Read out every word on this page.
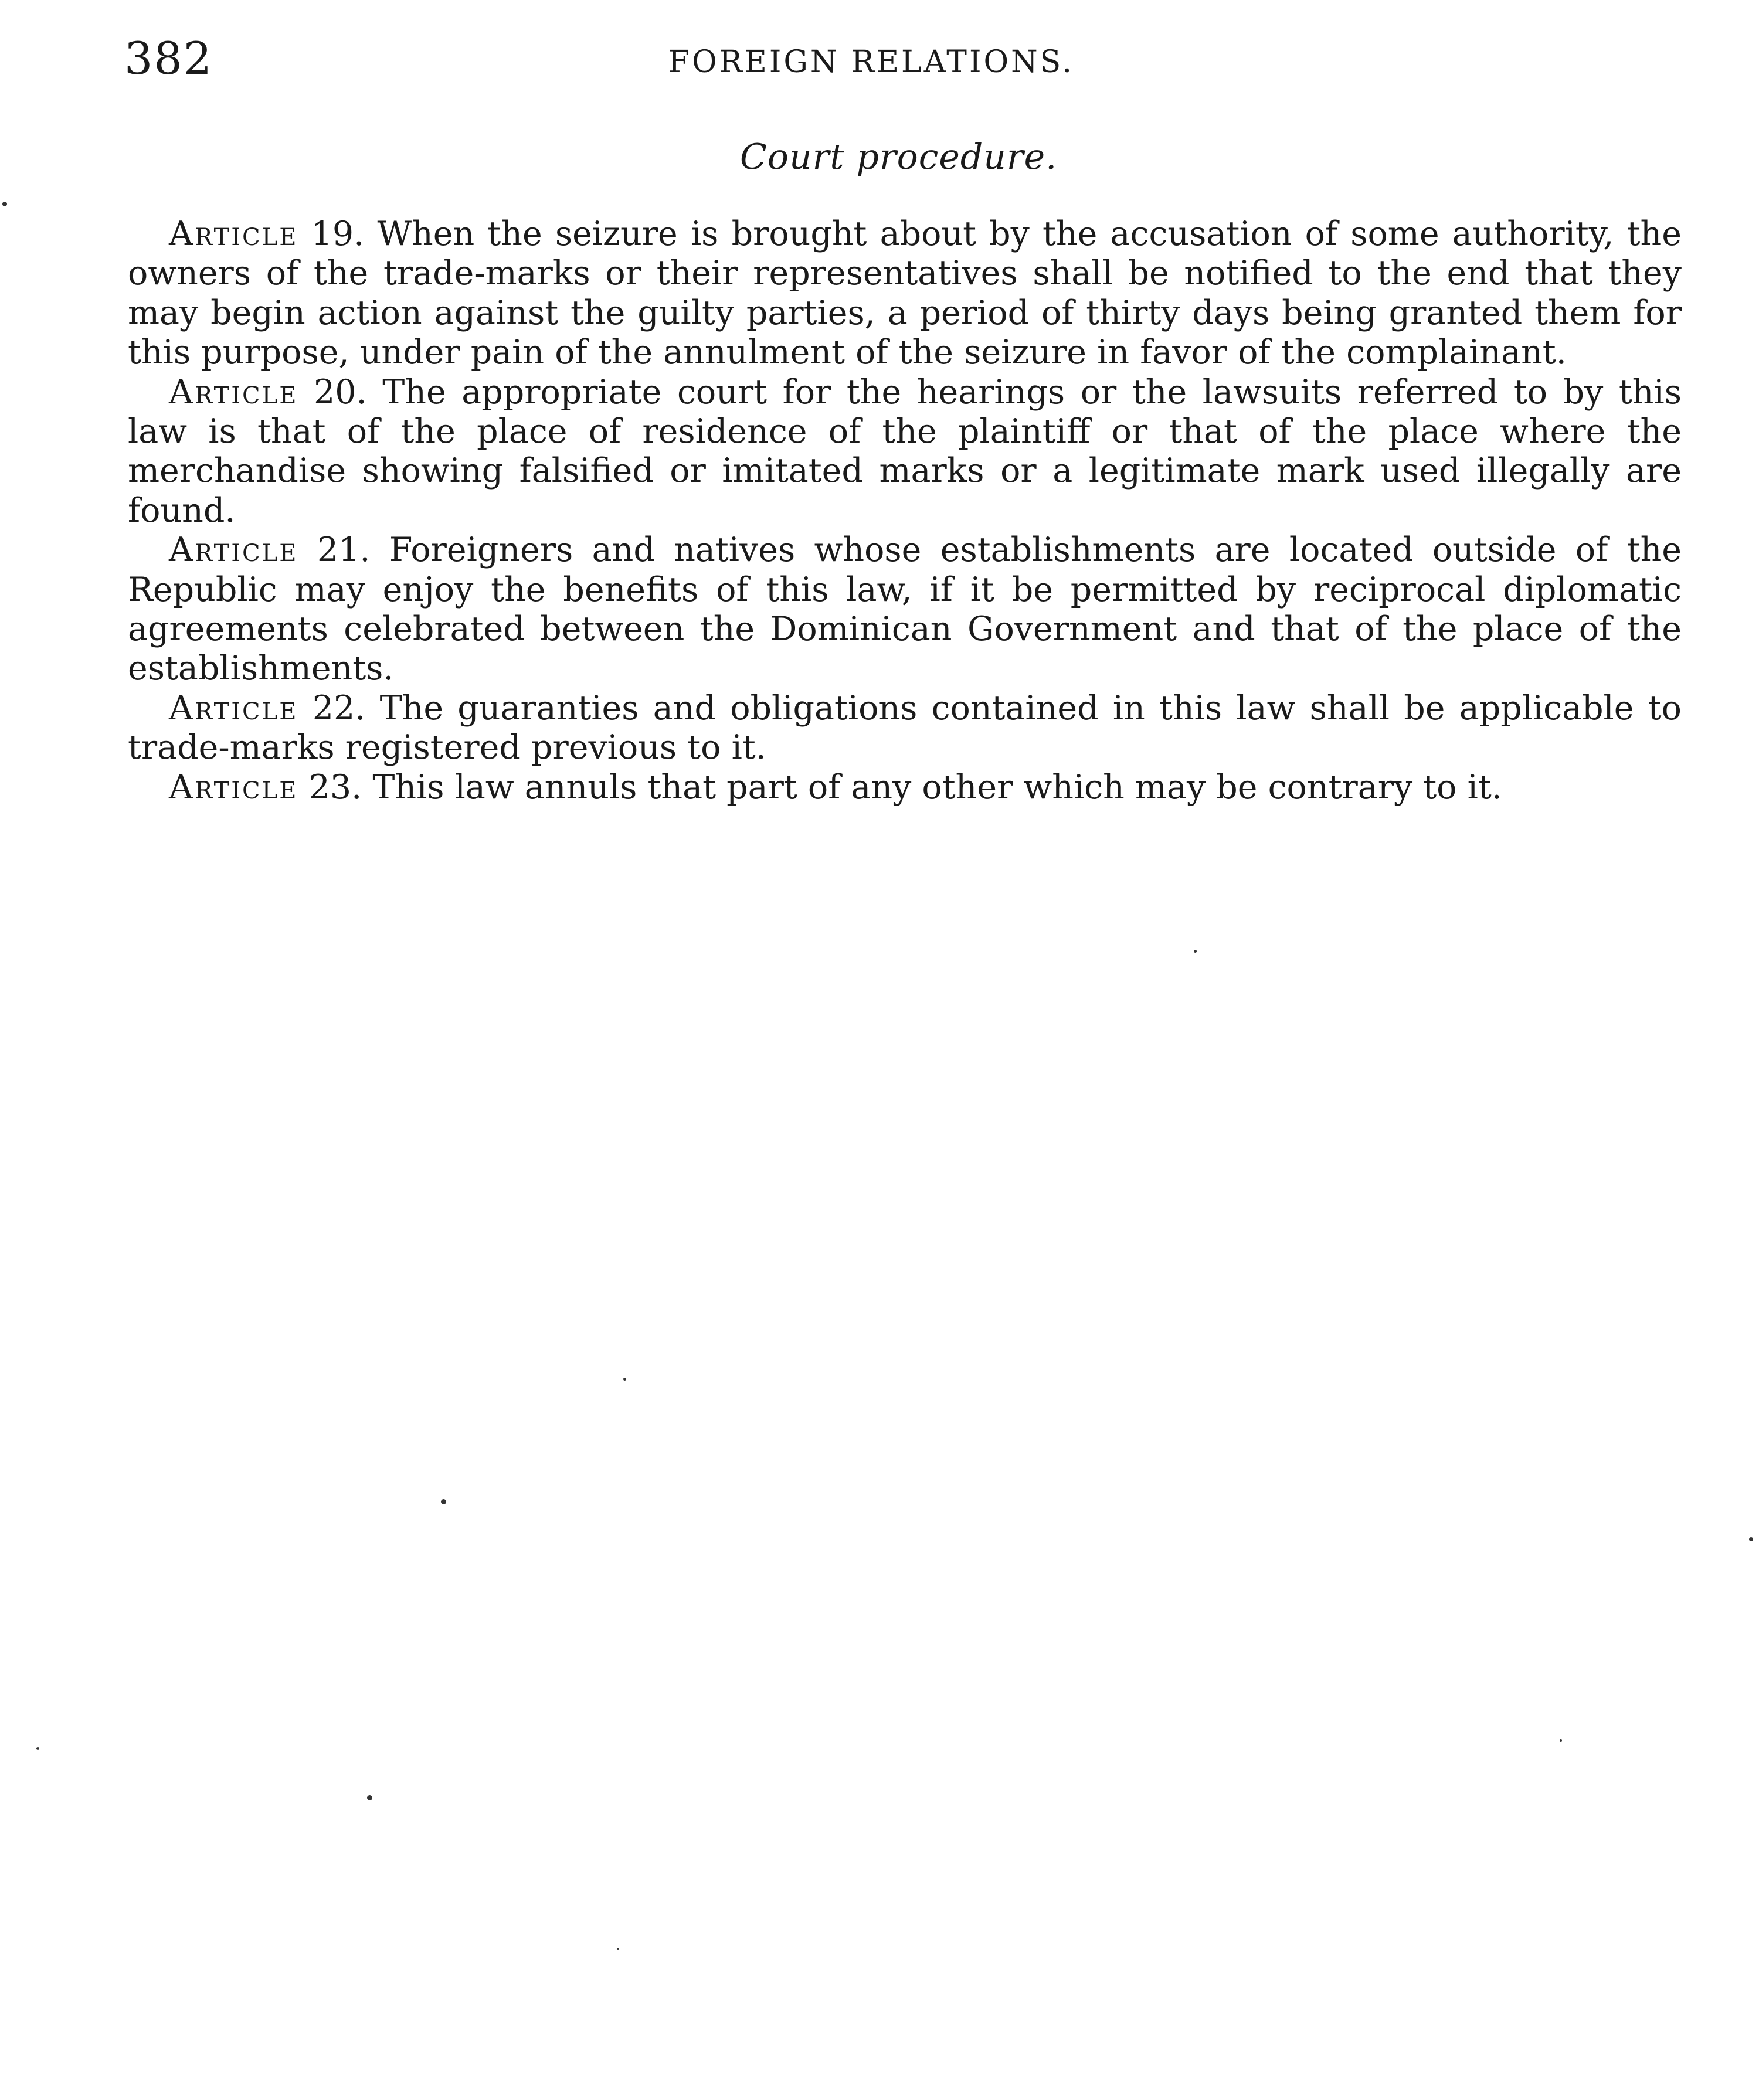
382	FOREIGN RELATIONS.
Court procedure.

Article 19. When the seizure is brought about by the accusation of some authority, the owners of the trade-marks or their representatives shall be notified to the end that they may begin action against the guilty parties, a period of thirty days being granted them for this purpose, under pain of the annulment of the seizure in favor of the complainant.

Article 20. The appropriate court for the hearings or the lawsuits referred to by this law is that of the place of residence of the plaintiff or that of the place where the merchandise showing falsified or imitated marks or a legitimate mark used illegally are found.

Article 21. Foreigners and natives whose establishments are located outside of the Republic may enjoy the benefits of this law, if it be permitted by reciprocal diplomatic agreements celebrated between the Dominican Government and that of the place of the establishments.

Article 22. The guaranties and obligations contained in this law shall be applicable to trade-marks registered previous to it.

Article 23. This law annuls that part of any other which may be contrary to it.
